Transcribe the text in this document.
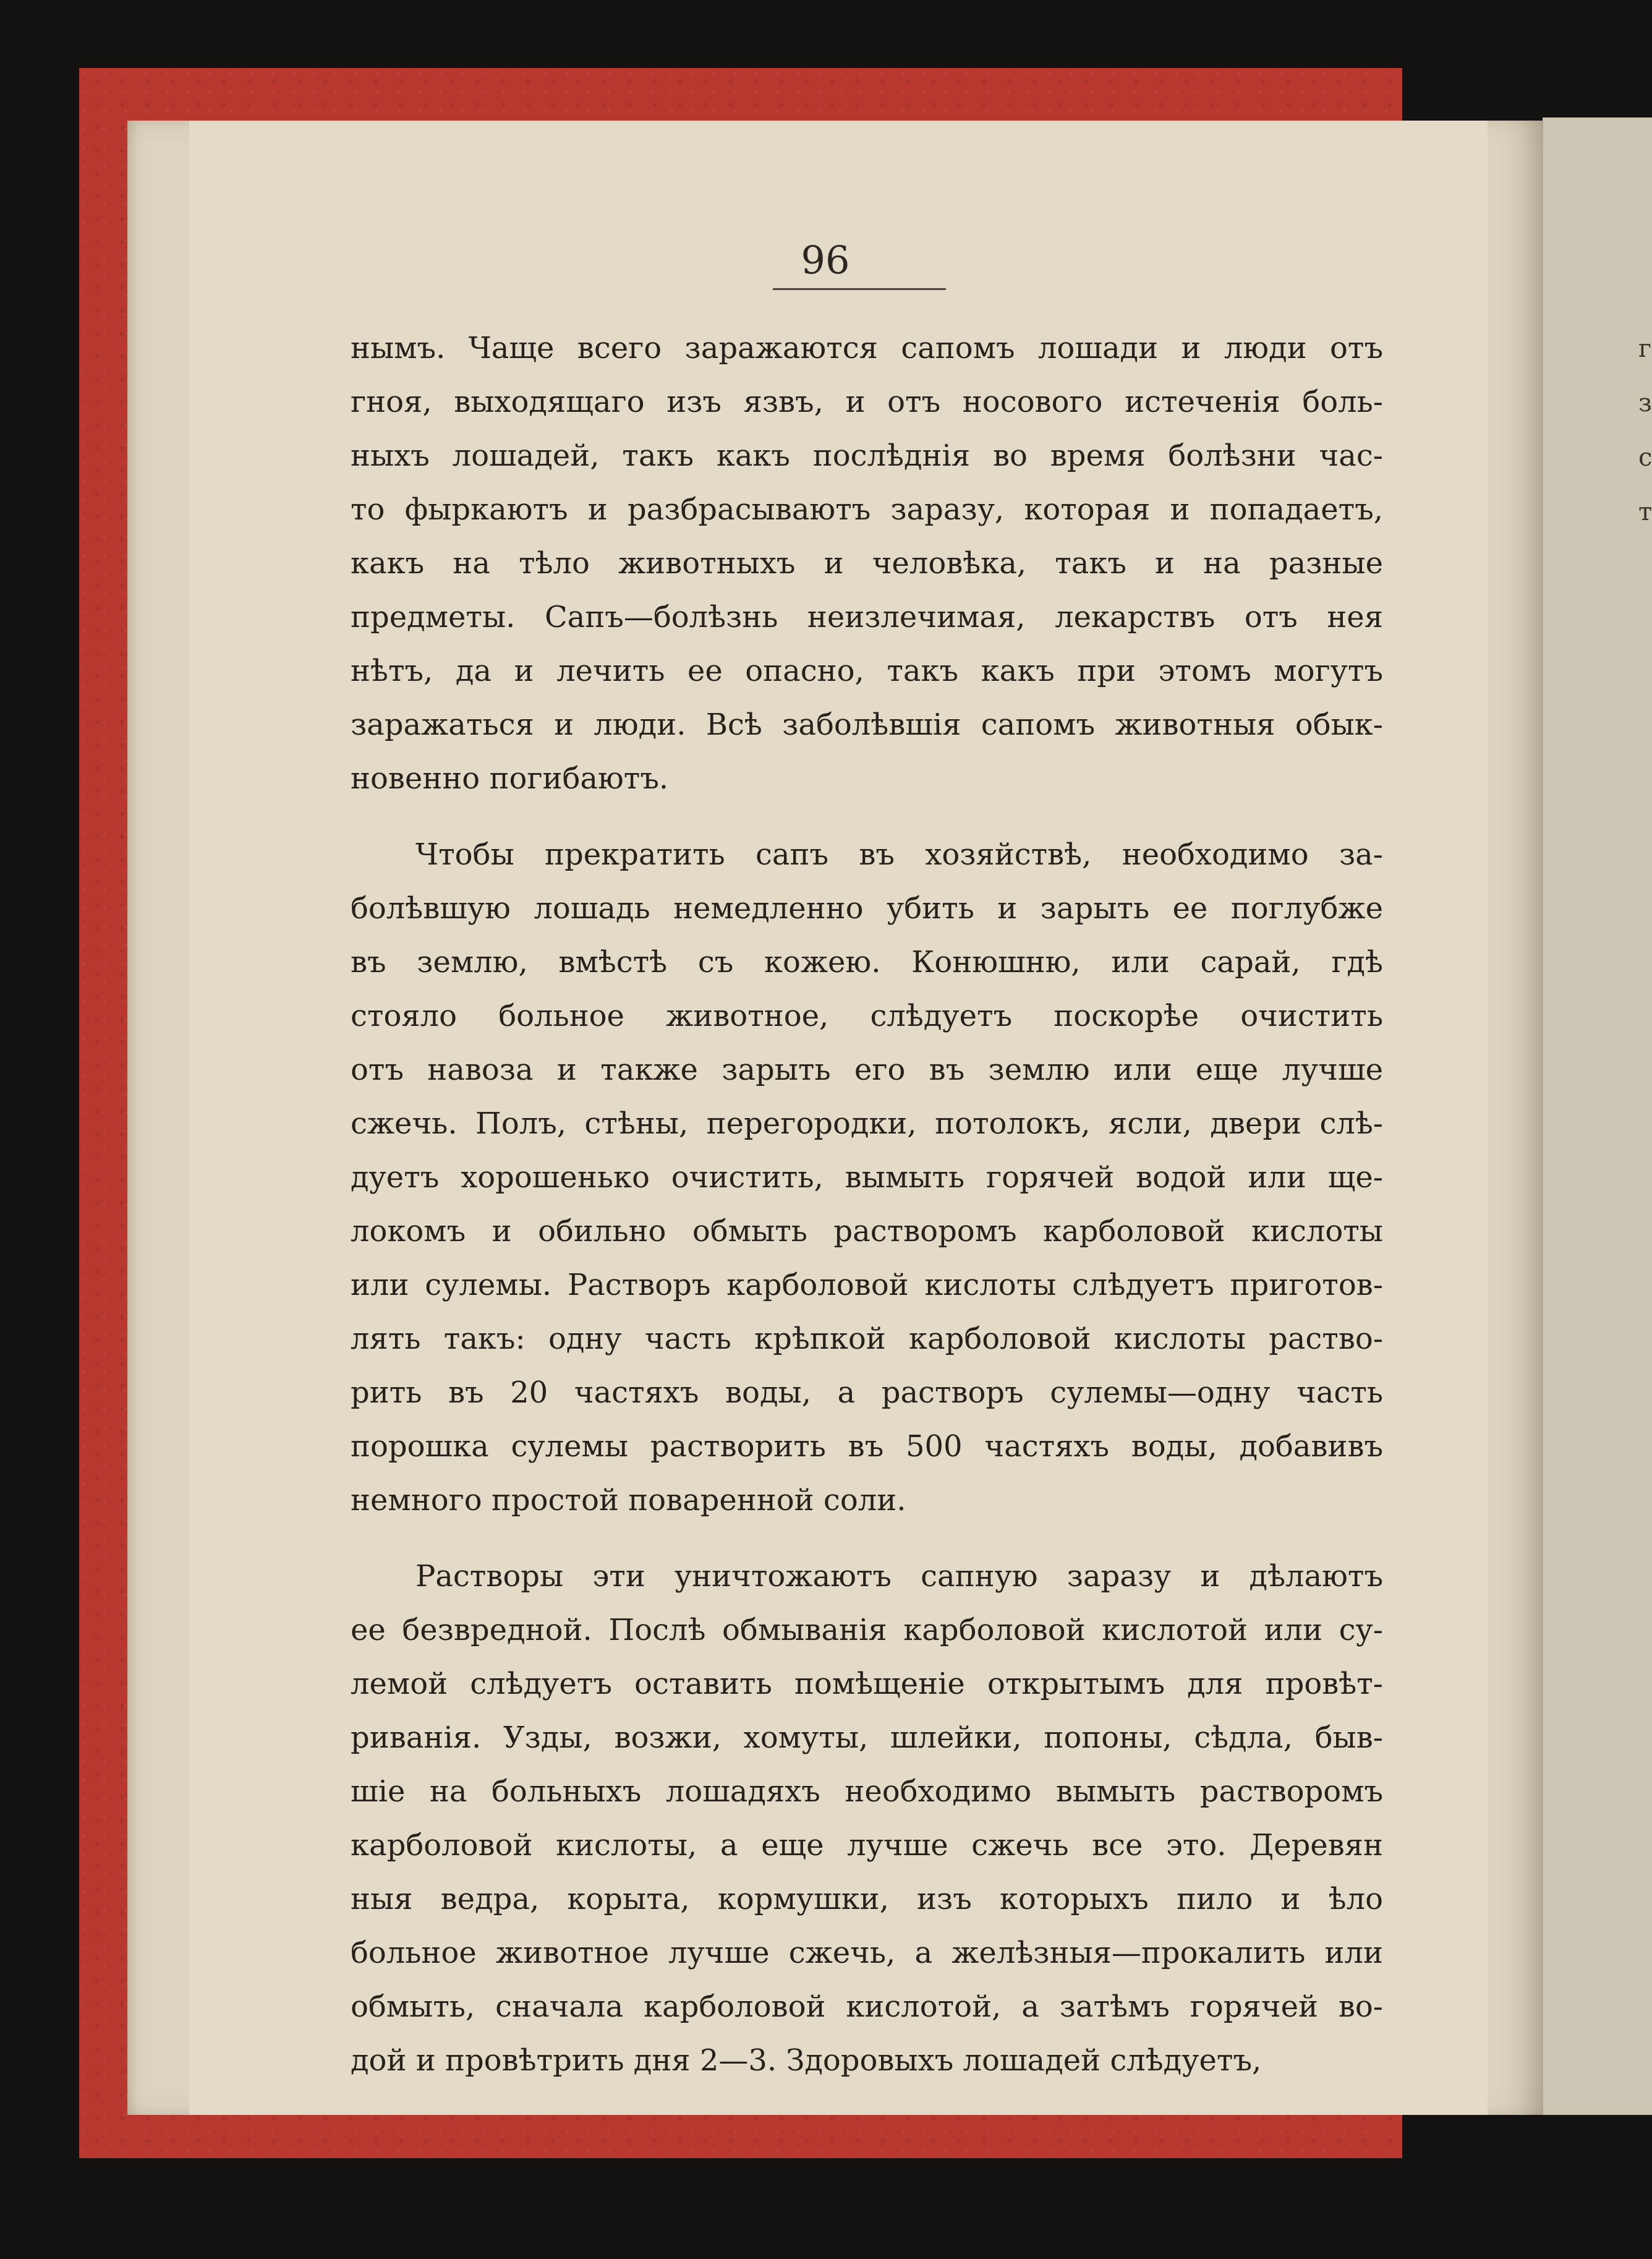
г
з
с
т

96

нымъ. Чаще всего заражаются сапомъ лошади и люди отъ
гноя, выходящаго изъ язвъ, и отъ носового истеченія боль-
ныхъ лошадей, такъ какъ послѣднія во время болѣзни час-
то фыркаютъ и разбрасываютъ заразу, которая и попадаетъ,
какъ на тѣло животныхъ и человѣка, такъ и на разные
предметы. Сапъ—болѣзнь неизлечимая, лекарствъ отъ нея
нѣтъ, да и лечить ее опасно, такъ какъ при этомъ могутъ
заражаться и люди. Всѣ заболѣвшія сапомъ животныя обык-
новенно погибаютъ.
Чтобы прекратить сапъ въ хозяйствѣ, необходимо за-
болѣвшую лошадь немедленно убить и зарыть ее поглубже
въ землю, вмѣстѣ съ кожею. Конюшню, или сарай, гдѣ
стояло больное животное, слѣдуетъ поскорѣе очистить
отъ навоза и также зарыть его въ землю или еще лучше
сжечь. Полъ, стѣны, перегородки, потолокъ, ясли, двери слѣ-
дуетъ хорошенько очистить, вымыть горячей водой или ще-
локомъ и обильно обмыть растворомъ карболовой кислоты
или сулемы. Растворъ карболовой кислоты слѣдуетъ приготов-
лять такъ: одну часть крѣпкой карболовой кислоты раство-
рить въ 20 частяхъ воды, а растворъ сулемы—одну часть
порошка сулемы растворить въ 500 частяхъ воды, добавивъ
немного простой поваренной соли.
Растворы эти уничтожаютъ сапную заразу и дѣлаютъ
ее безвредной. Послѣ обмыванія карболовой кислотой или су-
лемой слѣдуетъ оставить помѣщеніе открытымъ для провѣт-
риванія. Узды, возжи, хомуты, шлейки, попоны, сѣдла, быв-
шіе на больныхъ лошадяхъ необходимо вымыть растворомъ
карболовой кислоты, а еще лучше сжечь все это. Деревян
ныя ведра, корыта, кормушки, изъ которыхъ пило и ѣло
больное животное лучше сжечь, а желѣзныя—прокалить или
обмыть, сначала карболовой кислотой, а затѣмъ горячей во-
дой и провѣтрить дня 2—3. Здоровыхъ лошадей слѣдуетъ,
